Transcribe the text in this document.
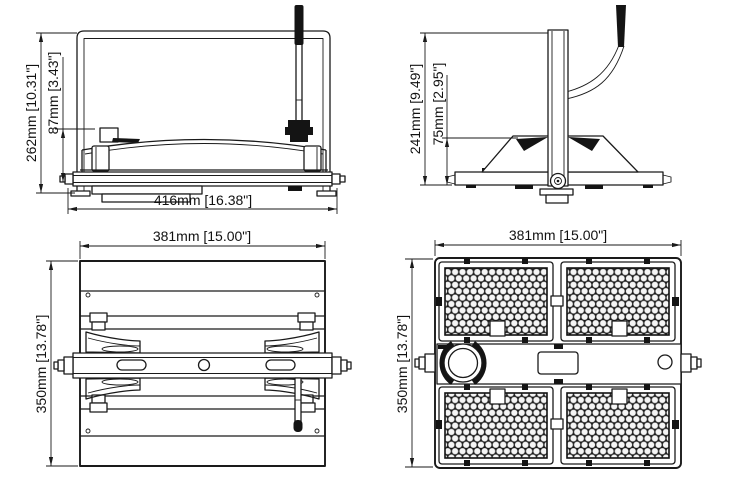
262mm [10.31"] 87mm [3.43"]
416mm [16.38"]
241mm [9.49"] 75mm [2.95"]
381mm [15.00"]
350mm [13.78'']
381mm [15.00"]
350mm [13.78"]
